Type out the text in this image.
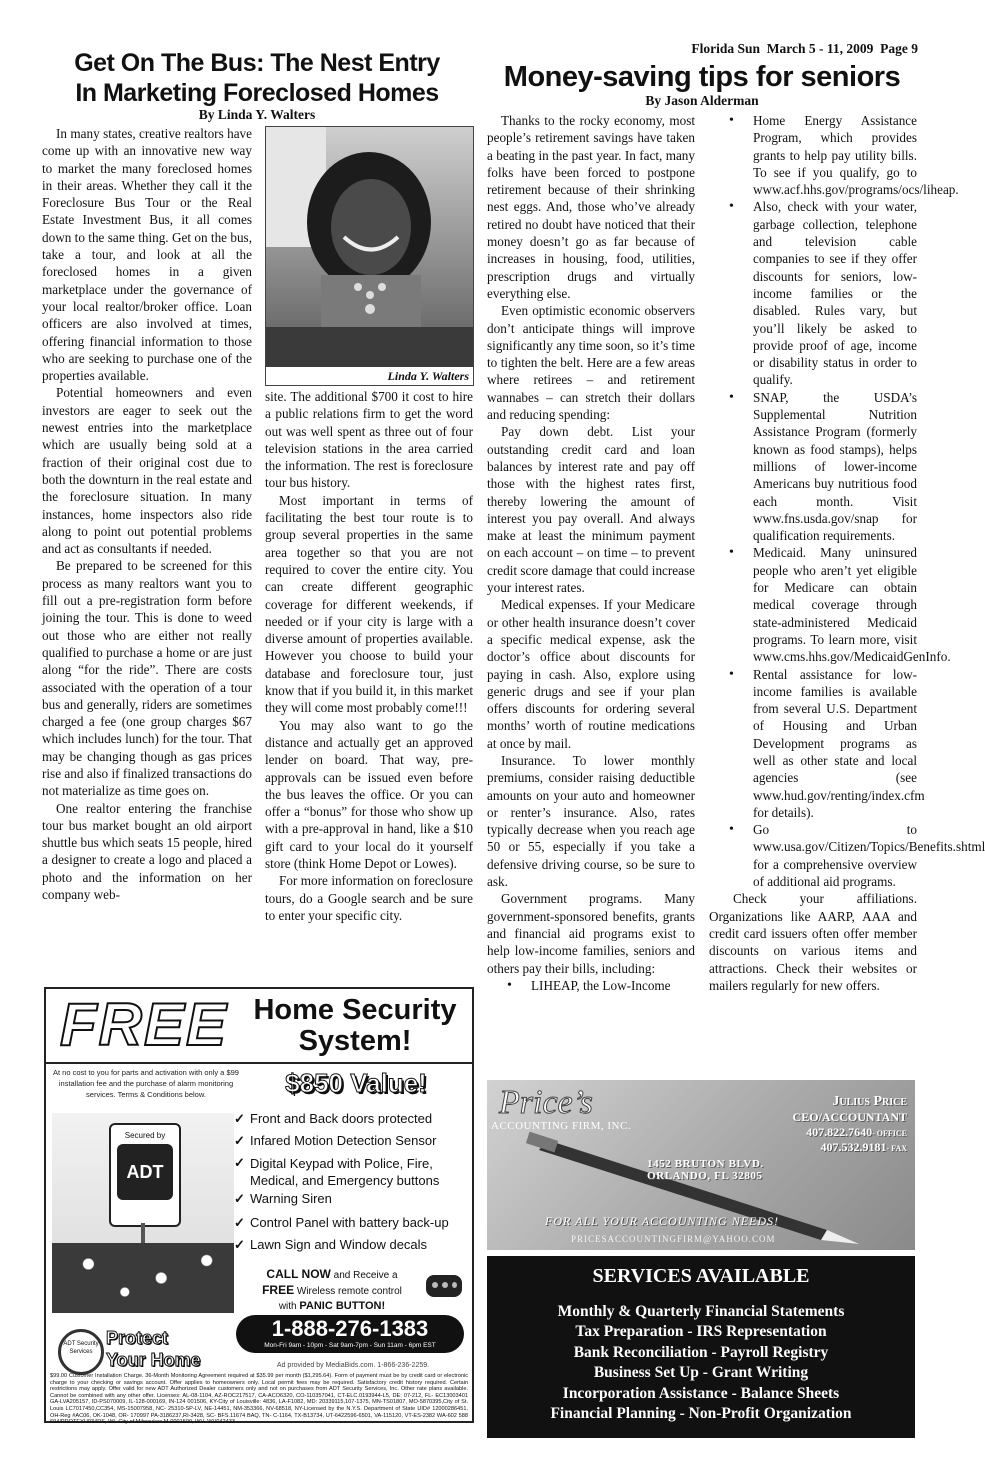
Florida Sun  March 5 - 11, 2009  Page 9
Get On The Bus: The Nest Entry
In Marketing Foreclosed Homes
By Linda Y. Walters

In many states, creative realtors have come up with an innovative new way to market the many foreclosed homes in their areas. Whether they call it the Foreclosure Bus Tour or the Real Estate Investment Bus, it all comes down to the same thing. Get on the bus, take a tour, and look at all the foreclosed homes in a given marketplace under the governance of your local realtor/broker office. Loan officers are also involved at times, offering financial information to those who are seeking to purchase one of the properties available.

Potential homeowners and even investors are eager to seek out the newest entries into the marketplace which are usually being sold at a fraction of their original cost due to both the downturn in the real estate and the foreclosure situation. In many instances, home inspectors also ride along to point out potential problems and act as consultants if needed.

Be prepared to be screened for this process as many realtors want you to fill out a pre-registration form before joining the tour. This is done to weed out those who are either not really qualified to purchase a home or are just along “for the ride”. There are costs associated with the operation of a tour bus and generally, riders are sometimes charged a fee (one group charges $67 which includes lunch) for the tour. That may be changing though as gas prices rise and also if finalized transactions do not materialize as time goes on.

One realtor entering the franchise tour bus market bought an old airport shuttle bus which seats 15 people, hired a designer to create a logo and placed a photo and the information on her company web-

Linda Y. Walters

site. The additional $700 it cost to hire a public relations firm to get the word out was well spent as three out of four television stations in the area carried the information. The rest is foreclosure tour bus history.

Most important in terms of facilitating the best tour route is to group several properties in the same area together so that you are not required to cover the entire city. You can create different geographic coverage for different weekends, if needed or if your city is large with a diverse amount of properties available. However you choose to build your database and foreclosure tour, just know that if you build it, in this market they will come most probably come!!!

You may also want to go the distance and actually get an approved lender on board. That way, pre-approvals can be issued even before the bus leaves the office. Or you can offer a “bonus” for those who show up with a pre-approval in hand, like a $10 gift card to your local do it yourself store (think Home Depot or Lowes).

For more information on foreclosure tours, do a Google search and be sure to enter your specific city.

Money-saving tips for seniors
By Jason Alderman

Thanks to the rocky economy, most people’s retirement savings have taken a beating in the past year. In fact, many folks have been forced to postpone retirement because of their shrinking nest eggs. And, those who’ve already retired no doubt have noticed that their money doesn’t go as far because of increases in housing, food, utilities, prescription drugs and virtually everything else.

Even optimistic economic observers don’t anticipate things will improve significantly any time soon, so it’s time to tighten the belt. Here are a few areas where retirees – and retirement wannabes – can stretch their dollars and reducing spending:

Pay down debt. List your outstanding credit card and loan balances by interest rate and pay off those with the highest rates first, thereby lowering the amount of interest you pay overall. And always make at least the minimum payment on each account – on time – to prevent credit score damage that could increase your interest rates.

Medical expenses. If your Medicare or other health insurance doesn’t cover a specific medical expense, ask the doctor’s office about discounts for paying in cash. Also, explore using generic drugs and see if your plan offers discounts for ordering several months’ worth of routine medications at once by mail.

Insurance. To lower monthly premiums, consider raising deductible amounts on your auto and homeowner or renter’s insurance. Also, rates typically decrease when you reach age 50 or 55, especially if you take a defensive driving course, so be sure to ask.

Government programs. Many government-sponsored benefits, grants and financial aid programs exist to help low-income families, seniors and others pay their bills, including:

• LIHEAP, the Low-Income
• Home Energy Assistance Program, which provides grants to help pay utility bills. To see if you qualify, go to www.acf.hhs.gov/programs/ocs/liheap.
• Also, check with your water, garbage collection, telephone and television cable companies to see if they offer discounts for seniors, low-income families or the disabled. Rules vary, but you’ll likely be asked to provide proof of age, income or disability status in order to qualify.
• SNAP, the USDA’s Supplemental Nutrition Assistance Program (formerly known as food stamps), helps millions of lower-income Americans buy nutritious food each month. Visit www.fns.usda.gov/snap for qualification requirements.
• Medicaid. Many uninsured people who aren’t yet eligible for Medicare can obtain medical coverage through state-administered Medicaid programs. To learn more, visit www.cms.hhs.gov/MedicaidGenInfo.
• Rental assistance for low-income families is available from several U.S. Department of Housing and Urban Development programs as well as other state and local agencies (see www.hud.gov/renting/index.cfm for details).
• Go to www.usa.gov/Citizen/Topics/Benefits.shtml for a comprehensive overview of additional aid programs.

Check your affiliations. Organizations like AARP, AAA and credit card issuers often offer member discounts on various items and attractions. Check their websites or mailers regularly for new offers.

FREE Home Security
System!
At no cost to you for parts and activation with only a $99 installation fee and the purchase of alarm monitoring services. Terms & Conditions below.	$850 Value!
Secured by
ADT
✓ Front and Back doors protected
✓ Infared Motion Detection Sensor
✓ Digital Keypad with Police, Fire, Medical, and Emergency buttons
✓ Warning Siren
✓ Control Panel with battery back-up
✓ Lawn Sign and Window decals
CALL NOW and Receive a
FREE Wireless remote control
with PANIC BUTTON!
1-888-276-1383
Mon-Fri 9am - 10pm - Sat 9am-7pm - Sun 11am - 6pm EST
ADT Security Services
Protect
Your Home	Ad provided by MediaBids.com. 1-866-236-2259.
$99.00 Customer Installation Charge. 36-Month Monitoring Agreement required at $35.99 per month ($1,295.64). Form of payment must be by credit card or electronic charge to your checking or savings account. Offer applies to homeowners only. Local permit fees may be required. Satisfactory credit history required. Certain restrictions may apply. Offer valid for new ADT Authorized Dealer customers only and not on purchases from ADT Security Services, Inc. Other rate plans available. Cannot be combined with any other offer. Licenses: AL-08-1104, AZ-ROC217517, CA-ACO6320, CO-110357041, CT-ELC.0193944-L5, DE: 07-212, FL- EC13003401 GA-LVA205157, ID-PS070009, IL-128-000169, IN-124 001506, KY-City of Louisville: 4836, LA-F1082, MD: 20339115,107-1375, MN-TS01807, MO-5870395,City of St. Louis LC7017450,CC354, MS-15007958, NC- 25310-SP-LV, NE-14451, NM-353366, NV-68518, NY-Licensed by the N.Y.S. Department of State UID# 12000286451, OH-Reg #AC06, OK-1048, OR- 170997 PA-3186237,RI-3428, SC- BFS.11674 BAQ, TN- C-1164, TX-B13734, UT-6422596-6501, VA-115120, VT-ES-2382 WA-602 588 694/PROTEYH934RS, WI- City of Milwaukee M-0001599, WV- WV042433.
Price’s
ACCOUNTING FIRM, INC.
Julius Price
CEO/ACCOUNTANT
407.822.7640- OFFICE
407.532.9181- FAX
1452 BRUTON BLVD.
ORLANDO, FL 32805
FOR ALL YOUR ACCOUNTING NEEDS!
PRICESACCOUNTINGFIRM@YAHOO.COM
SERVICES AVAILABLE
Monthly & Quarterly Financial Statements
Tax Preparation - IRS Representation
Bank Reconciliation - Payroll Registry
Business Set Up - Grant Writing
Incorporation Assistance - Balance Sheets
Financial Planning - Non-Profit Organization
